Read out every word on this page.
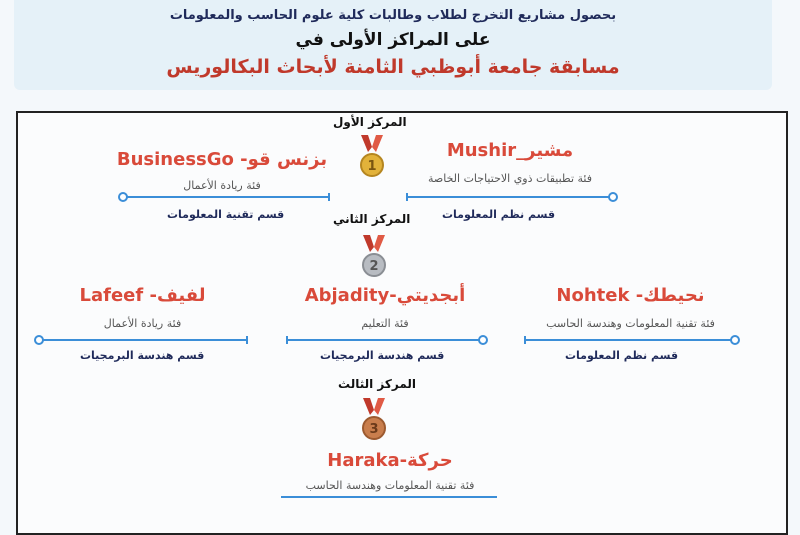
بحصول مشاريع التخرج لطلاب وطالبات كلية علوم الحاسب والمعلومات
على المراكز الأولى في
مسابقة جامعة أبوظبي الثامنة لأبحاث البكالوريس
المركز الأول
1
مشير_Mushir
فئة تطبيقات ذوي الاحتياجات الخاصة
قسم نظم المعلومات
بزنس قو- BusinessGo
فئة ريادة الأعمال
قسم تقنية المعلومات	المركز الثاني
2
نحيطك- Nohtek
فئة تقنية المعلومات وهندسة الحاسب
قسم نظم المعلومات
أبجديتي-Abjadity
فئة التعليم
قسم هندسة البرمجيات
لفيف- Lafeef
فئة ريادة الأعمال
قسم هندسة البرمجيات
المركز الثالث
3
حركة-Haraka
فئة تقنية المعلومات وهندسة الحاسب
